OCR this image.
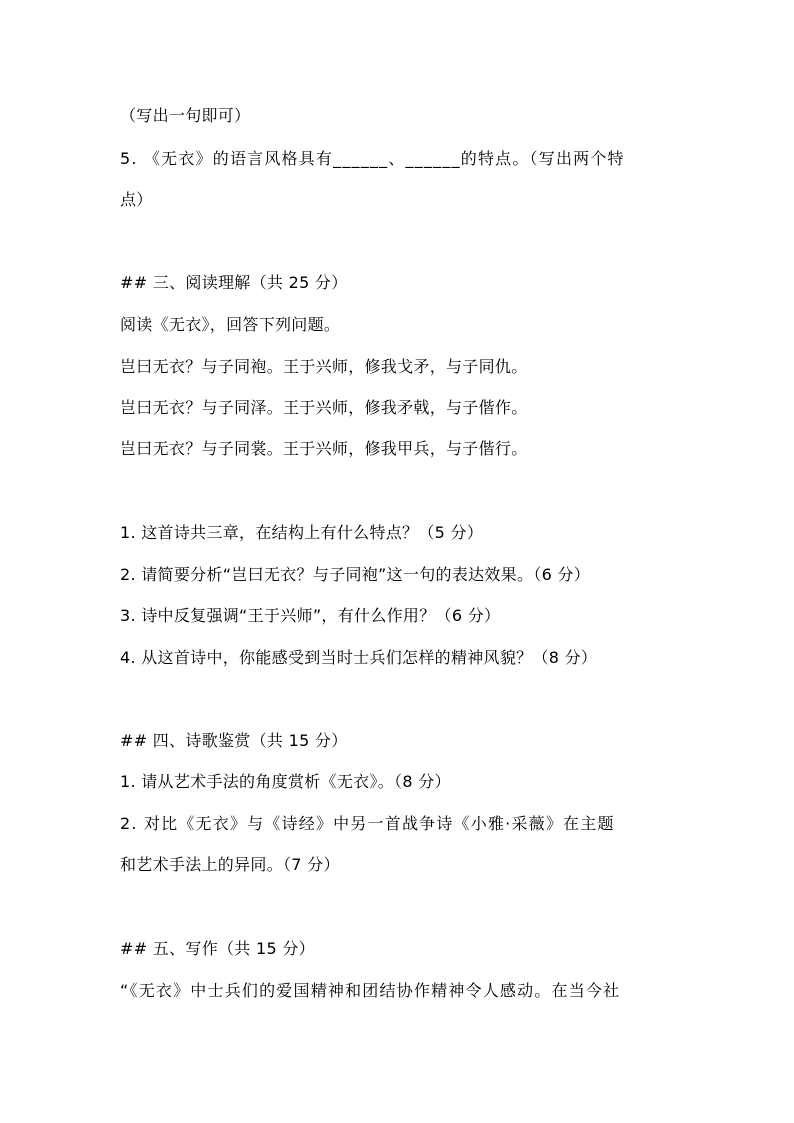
（写出一句即可）
5. 《无衣》的语言风格具有______、______的特点。（写出两个特
点）
## 三、阅读理解（共 25 分）
阅读《无衣》，回答下列问题。
岂曰无衣？与子同袍。王于兴师，修我戈矛，与子同仇。
岂曰无衣？与子同泽。王于兴师，修我矛戟，与子偕作。
岂曰无衣？与子同裳。王于兴师，修我甲兵，与子偕行。
1. 这首诗共三章，在结构上有什么特点？（5 分）
2. 请简要分析“岂曰无衣？与子同袍”这一句的表达效果。（6 分）
3. 诗中反复强调“王于兴师”，有什么作用？（6 分）
4. 从这首诗中，你能感受到当时士兵们怎样的精神风貌？（8 分）
## 四、诗歌鉴赏（共 15 分）
1. 请从艺术手法的角度赏析《无衣》。（8 分）
2. 对比《无衣》与《诗经》中另一首战争诗《小雅·采薇》在主题
和艺术手法上的异同。（7 分）
## 五、写作（共 15 分）
“《无衣》中士兵们的爱国精神和团结协作精神令人感动。在当今社
